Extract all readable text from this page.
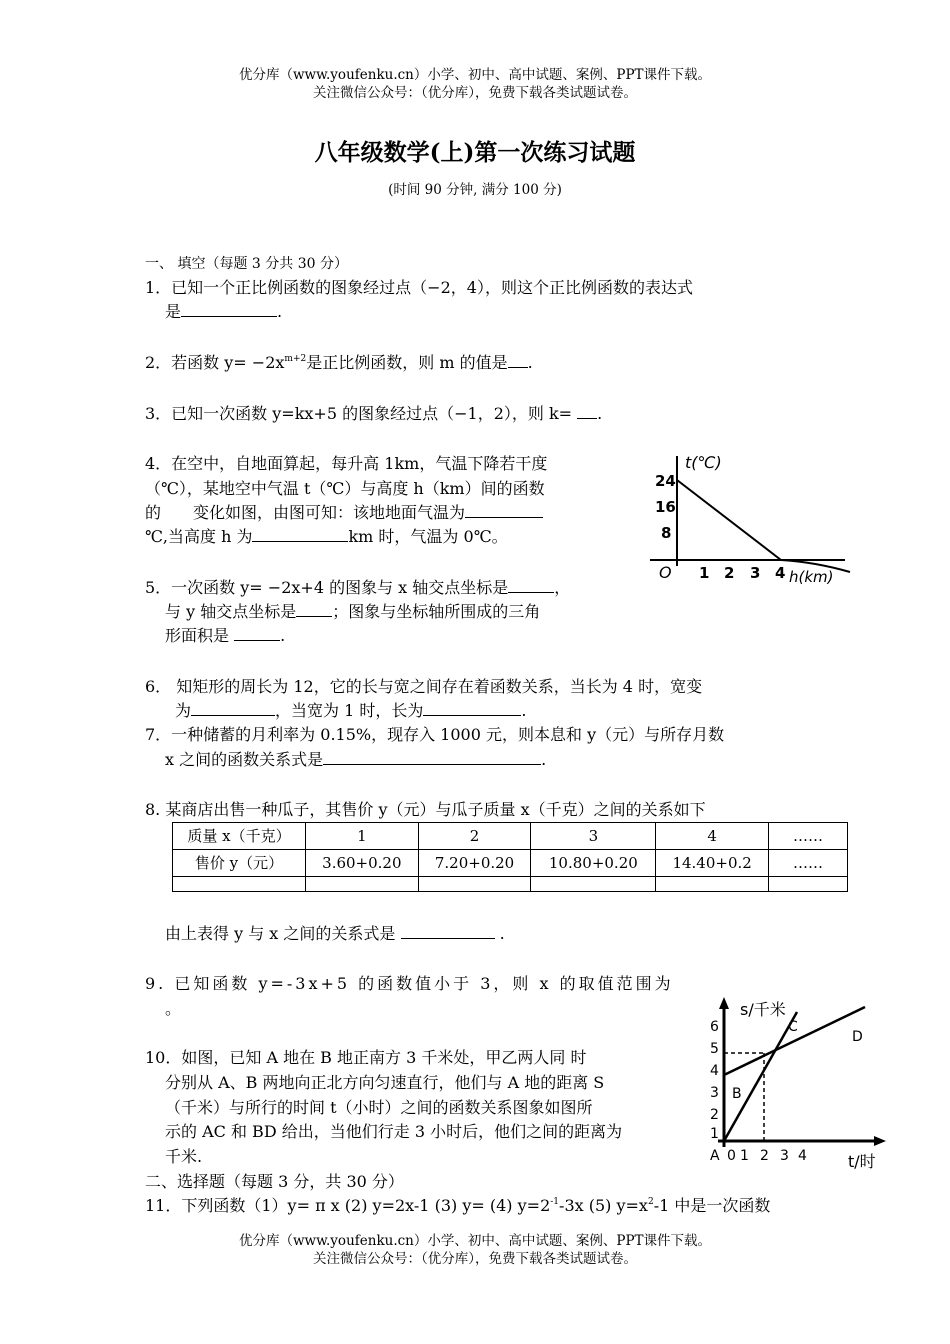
优分库（www.youfenku.cn）小学、初中、高中试题、案例、PPT课件下载。
关注微信公众号：（优分库），免费下载各类试题试卷。
八年级数学(上)第一次练习试题
(时间 90 分钟, 满分 100 分)
一、 填空（每题 3 分共 30 分）
1．已知一个正比例函数的图象经过点（−2，4），则这个正比例函数的表达式
是	.
2．若函数 $y= -2x^{m+2}$是正比例函数，则 m 的值是 .
3．已知一次函数 y=kx+5 的图象经过点（−1，2），则 k= .
4．在空中，自地面算起，每升高 1km，气温下降若干度
（℃），某地空中气温 t（℃）与高度 h（km）间的函数
的　　变化如图，由图可知：该地地面气温为
℃,当高度 h 为	km 时，气温为 0℃。
5．一次函数 y= −2x+4 的图象与 x 轴交点坐标是	，
与 y 轴交点坐标是 ；图象与坐标轴所围成的三角
形面积是	.
6． 知矩形的周长为 12，它的长与宽之间存在着函数关系，当长为 4 时，宽变
为	，当宽为 1 时，长为	.
7．一种储蓄的月利率为 0.15%，现存入 1000 元，则本息和 y（元）与所存月数
x 之间的函数关系式是	.
8. 某商店出售一种瓜子，其售价 y（元）与瓜子质量 x（千克）之间的关系如下
质量 x（千克）	1	2	3	4	……
售价 y（元）	3.60+0.20	7.20+0.20	10.80+0.20	14.40+0.2	……

由上表得 y 与 x 之间的关系式是	.
9. 已知函数 y=-3x+5 的函数值小于 3，则 x 的取值范围为
。
10．如图，已知 A 地在 B 地正南方 3 千米处，甲乙两人同 时
分别从 A、B 两地向正北方向匀速直行，他们与 A 地的距离 S
（千米）与所行的时间 t（小时）之间的函数关系图象如图所
示的 AC 和 BD 给出，当他们行走 3 小时后，他们之间的距离为
千米.
二、选择题（每题 3 分，共 30 分）
11．下列函数（1）y= π x (2) y=2x-1 (3) y= (4) $y=2^{-1}-3x$ (5) $y=x^2-1$ 中是一次函数
t(℃)
24
16
8
O 1 2 3 4 h(km)
s/千米
6
5
4
3
2
1
A
B
C
D
0 1 2 3 4	t/时
优分库（www.youfenku.cn）小学、初中、高中试题、案例、PPT课件下载。
关注微信公众号：（优分库），免费下载各类试题试卷。
